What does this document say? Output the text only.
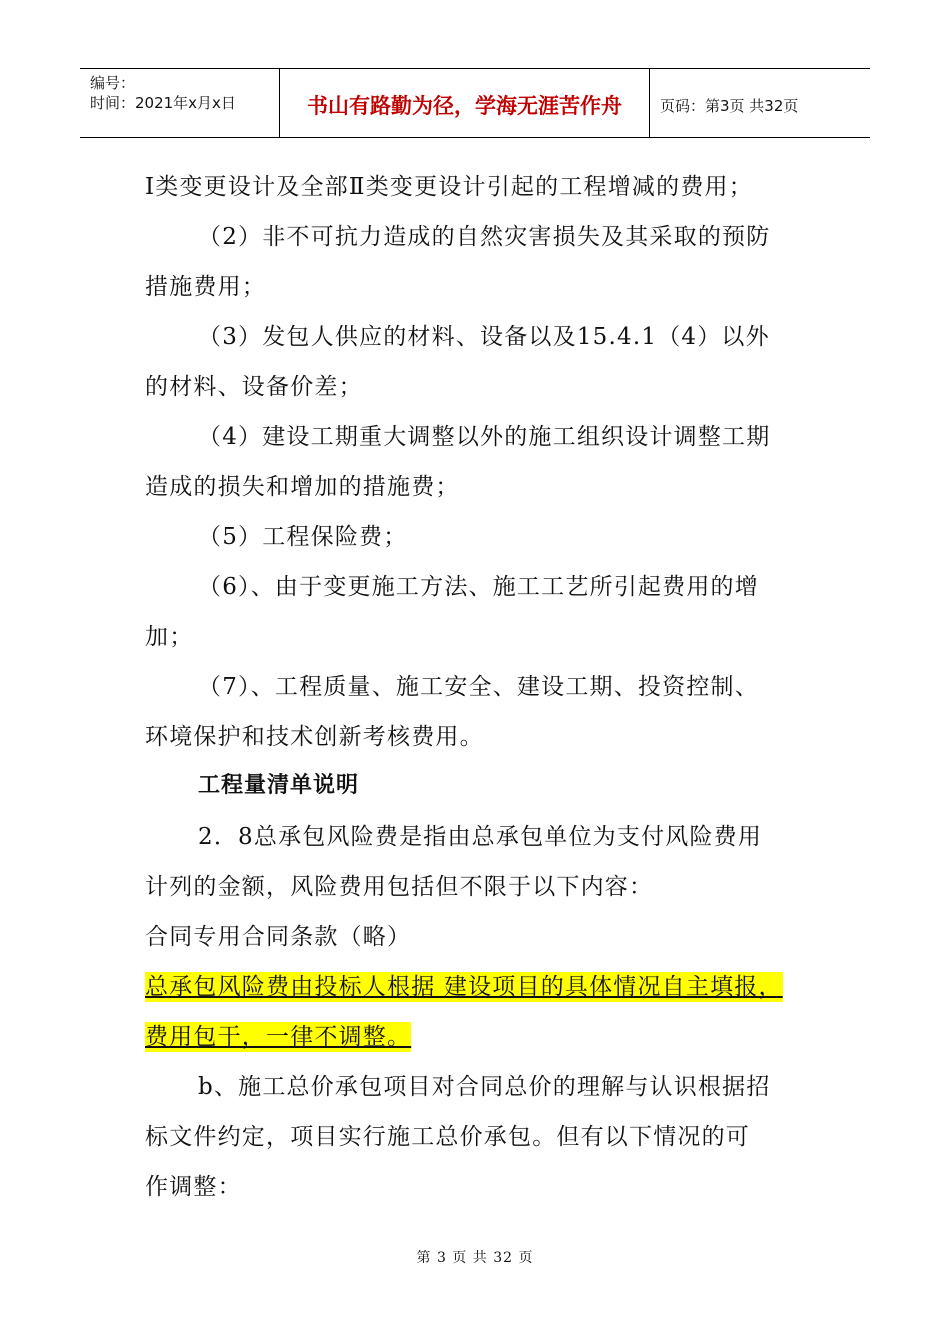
编号：
时间：2021年x月x日	书山有路勤为径，学海无涯苦作舟	页码：第3页 共32页
Ⅰ类变更设计及全部Ⅱ类变更设计引起的工程增减的费用；
（2）非不可抗力造成的自然灾害损失及其采取的预防
措施费用；
（3）发包人供应的材料、设备以及15.4.1（4）以外
的材料、设备价差；
（4）建设工期重大调整以外的施工组织设计调整工期
造成的损失和增加的措施费；
（5）工程保险费；
（6）、由于变更施工方法、施工工艺所引起费用的增
加；
（7）、工程质量、施工安全、建设工期、投资控制、
环境保护和技术创新考核费用。
工程量清单说明
2．8总承包风险费是指由总承包单位为支付风险费用
计列的金额，风险费用包括但不限于以下内容：
合同专用合同条款（略）
总承包风险费由投标人根据 建设项目的具体情况自主填报，
费用包干，一律不调整。
b、施工总价承包项目对合同总价的理解与认识根据招
标文件约定，项目实行施工总价承包。但有以下情况的可
作调整：
第 3 页 共 32 页
